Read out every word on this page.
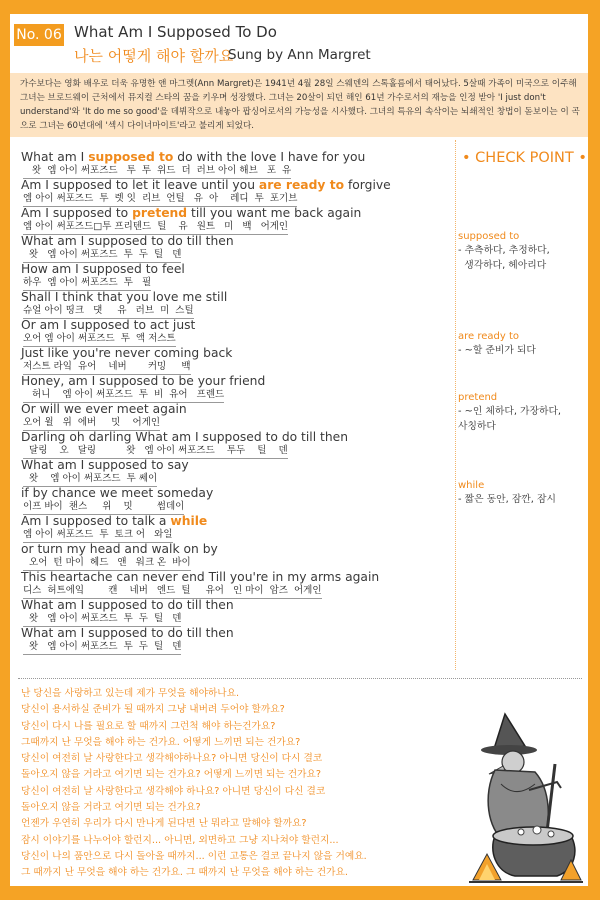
No. 06 What Am I Supposed To Do
나는 어떻게 해야 할까요
Sung by Ann Margret
가수보다는 영화 배우로 더욱 유명한 앤 마그렛(Ann Margret)은 1941년 4월 28일 스웨덴의 스톡홀름에서 태어났다. 5살때 가족이 미국으로 이주해 그녀는 브로드웨이 근처에서 뮤지컬 스타의 꿈을 키우며 성장했다. 그녀는 20살이 되던 해인 61년 가수로서의 재능을 인정 받아 'I just don't understand'와 'It do me so good'을 데뷔작으로 내놓아 팝싱어로서의 가능성을 시사했다. 그녀의 특유의 속삭이는 뇌쇄적인 창법이 돋보이는 이 곡으로 그녀는 60년대에 '섹시 다이너마이트'라고 불리게 되었다.
What am I supposed to do with the love I have for you
왓  엠 아이 써포즈드   투  투  위드  더  러브 아이 해브   포  유
Am I supposed to let it leave until you are ready to forgive
엠 아이 써포즈드  투  렛 잇  리브  언틸   유  아    레디  투  포기브
Am I supposed to pretend till you want me back again
엠 아이 써포즈드□투 프리텐드  틸    유   원트   미   백   어게인
What am I supposed to do till then
왓   엠 아이 써포즈드  투  두  틸   덴
How am I supposed to feel
하우  엠 아이 써포즈드  투   필
Shall I think that you love me still
슈얼 아이 띵크   댓     유   러브  미  스틸
Or am I supposed to act just
오어 엠 아이 써포즈드  투  액 저스트
Just like you're never coming back
저스트 라잌  유어    네버       커밍     백
Honey, am I supposed to be your friend
허니    엠 아이 써포즈드  투  비  유어   프렌드
Or will we ever meet again
오어 윌   위  에버     밋    어게인
Darling oh darling What am I supposed to do till then
달링    오   달링          왓   엠 아이 써포즈드    투두    틸    덴
What am I supposed to say
왓    엠 아이 써포즈드  투 쎄이
if by chance we meet someday
이프 바이  챈스     위    밋        썸데이
Am I supposed to talk a while
엠 아이 써포즈드  투  토크 어   와일
or turn my head and walk on by
오어  턴 마이  헤드   앤   워크 온  바이
This heartache can never end Till you're in my arms again
디스  허트에잌        캔    네버   엔드  틸     유어   인 마이  암즈  어게인
What am I supposed to do till then
왓   엠 아이 써포즈드  투  두  틸   덴
What am I supposed to do till then
왓   엠 아이 써포즈드  투  두  틸   덴
• CHECK POINT •
supposed to
- 추측하다, 추정하다,
생각하다, 헤아리다
are ready to
- ~할 준비가 되다
pretend
- ~인 체하다, 가장하다,
사칭하다
while
- 짧은 동안, 잠깐, 잠시
난 당신을 사랑하고 있는데 제가 무엇을 해야하나요.
당신이 용서하실 준비가 될 때까지 그냥 내버려 두어야 할까요?
당신이 다시 나를 필요로 할 때까지 그런척 해야 하는건가요?
그때까지 난 무엇을 해야 하는 건가요. 어떻게 느끼면 되는 건가요?
당신이 여전히 날 사랑한다고 생각해야하나요? 아니면 당신이 다시 결코
돌아오지 않을 거라고 여기면 되는 건가요? 어떻게 느끼면 되는 건가요?
당신이 여전히 날 사랑한다고 생각해야 하나요? 아니면 당신이 다신 결코
돌아오지 않을 거라고 여기면 되는 건가요?
언젠가 우연히 우리가 다시 만나게 된다면 난 뭐라고 말해야 할까요?
잠시 이야기를 나누어야 할런지... 아니면, 외면하고 그냥 지나쳐야 할런지...
당신이 나의 품안으로 다시 돌아올 때까지... 이런 고통은 결코 끝나지 않을 거예요.
그 때까지 난 무엇을 해야 하는 건가요. 그 때까지 난 무엇을 해야 하는 건가요.
